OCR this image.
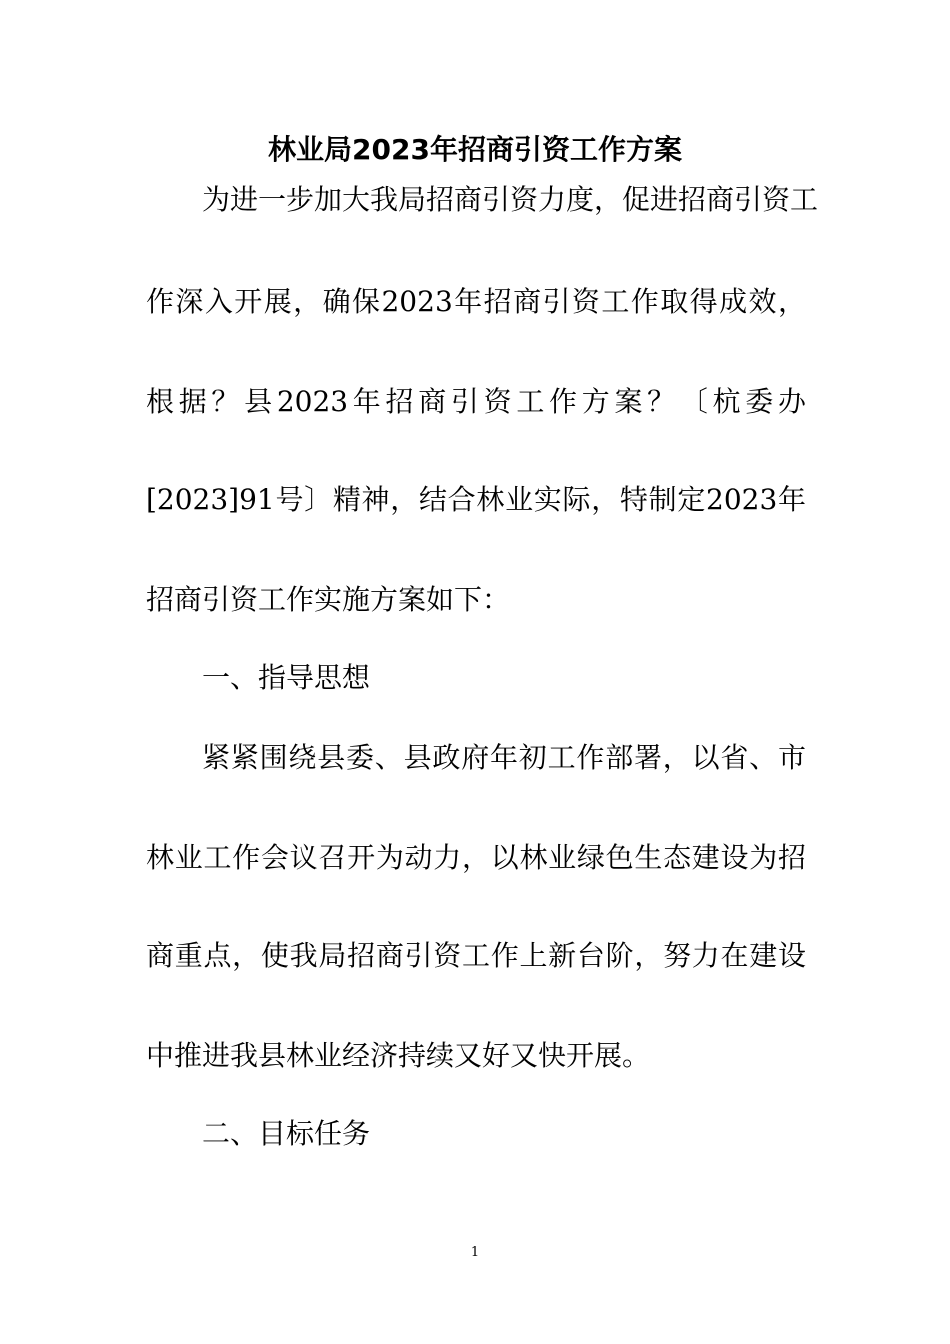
林业局2023年招商引资工作方案

为进一步加大我局招商引资力度，促进招商引资工

作深入开展，确保2023年招商引资工作取得成效，

根据？县2023年招商引资工作方案？〔杭委办

[2023]91号〕精神，结合林业实际，特制定2023年

招商引资工作实施方案如下：

一、指导思想

紧紧围绕县委、县政府年初工作部署，以省、市

林业工作会议召开为动力，以林业绿色生态建设为招

商重点，使我局招商引资工作上新台阶，努力在建设

中推进我县林业经济持续又好又快开展。

二、目标任务

1
